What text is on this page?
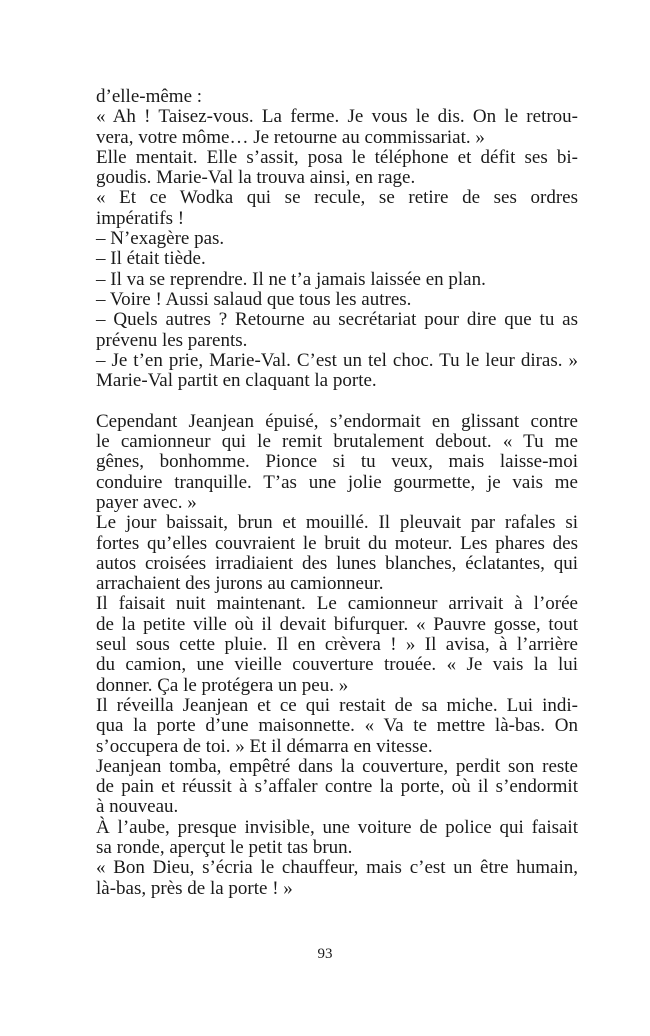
d’elle-même :
« Ah ! Taisez-vous. La ferme. Je vous le dis. On le retrou-
vera, votre môme… Je retourne au commissariat. »
Elle mentait. Elle s’assit, posa le téléphone et défit ses bi-
goudis. Marie-Val la trouva ainsi, en rage.
« Et ce Wodka qui se recule, se retire de ses ordres
impératifs !
– N’exagère pas.
– Il était tiède.
– Il va se reprendre. Il ne t’a jamais laissée en plan.
– Voire ! Aussi salaud que tous les autres.
– Quels autres ? Retourne au secrétariat pour dire que tu as
prévenu les parents.
– Je t’en prie, Marie-Val. C’est un tel choc. Tu le leur diras. »
Marie-Val partit en claquant la porte.
Cependant Jeanjean épuisé, s’endormait en glissant contre
le camionneur qui le remit brutalement debout. « Tu me
gênes, bonhomme. Pionce si tu veux, mais laisse-moi
conduire tranquille. T’as une jolie gourmette, je vais me
payer avec. »
Le jour baissait, brun et mouillé. Il pleuvait par rafales si
fortes qu’elles couvraient le bruit du moteur. Les phares des
autos croisées irradiaient des lunes blanches, éclatantes, qui
arrachaient des jurons au camionneur.
Il faisait nuit maintenant. Le camionneur arrivait à l’orée
de la petite ville où il devait bifurquer. « Pauvre gosse, tout
seul sous cette pluie. Il en crèvera ! » Il avisa, à l’arrière
du camion, une vieille couverture trouée. « Je vais la lui
donner. Ça le protégera un peu. »
Il réveilla Jeanjean et ce qui restait de sa miche. Lui indi-
qua la porte d’une maisonnette. « Va te mettre là-bas. On
s’occupera de toi. » Et il démarra en vitesse.
Jeanjean tomba, empêtré dans la couverture, perdit son reste
de pain et réussit à s’affaler contre la porte, où il s’endormit
à nouveau.
À l’aube, presque invisible, une voiture de police qui faisait
sa ronde, aperçut le petit tas brun.
« Bon Dieu, s’écria le chauffeur, mais c’est un être humain,
là-bas, près de la porte ! »
93
